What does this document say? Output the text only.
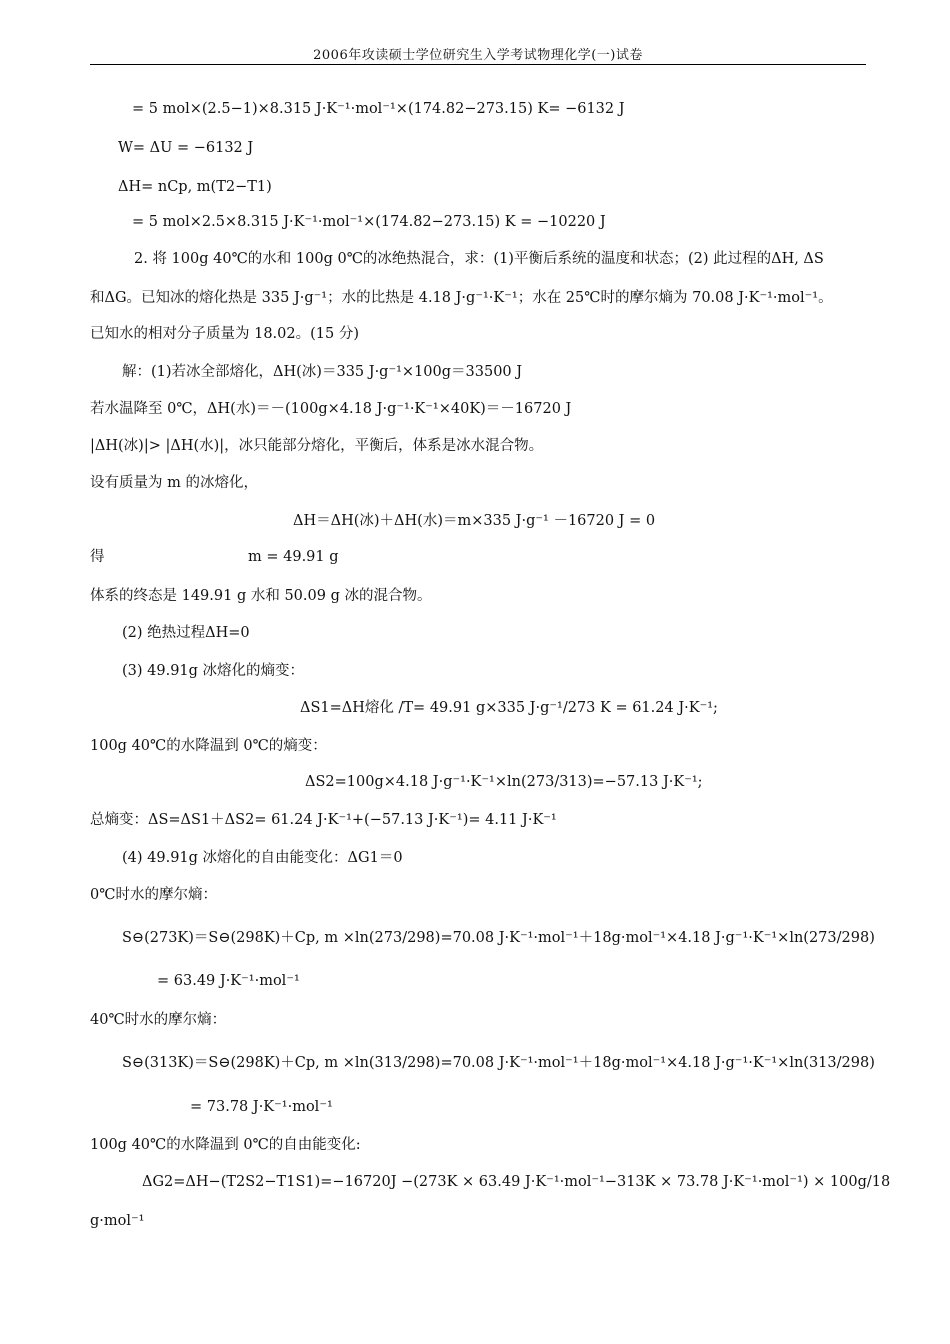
2006年攻读硕士学位研究生入学考试物理化学(一)试卷
= 5 mol×(2.5−1)×8.315 J·K⁻¹·mol⁻¹×(174.82−273.15) K= −6132 J
W= ΔU = −6132 J
ΔH= nCp, m(T2−T1)
= 5 mol×2.5×8.315 J·K⁻¹·mol⁻¹×(174.82−273.15) K = −10220 J
2. 将 100g 40℃的水和 100g 0℃的冰绝热混合，求：(1)平衡后系统的温度和状态；(2) 此过程的ΔH, ΔS
和ΔG。已知冰的熔化热是 335 J·g⁻¹；水的比热是 4.18 J·g⁻¹·K⁻¹；水在 25℃时的摩尔熵为 70.08 J·K⁻¹·mol⁻¹。
已知水的相对分子质量为 18.02。(15 分)
解：(1)若冰全部熔化，ΔH(冰)＝335 J·g⁻¹×100g＝33500 J
若水温降至 0℃，ΔH(水)＝－(100g×4.18 J·g⁻¹·K⁻¹×40K)＝－16720 J
|ΔH(冰)|> |ΔH(水)|，冰只能部分熔化，平衡后，体系是冰水混合物。
设有质量为 m 的冰熔化，
ΔH＝ΔH(冰)＋ΔH(水)＝m×335 J·g⁻¹ －16720 J = 0
得	m = 49.91 g
体系的终态是 149.91 g 水和 50.09 g 冰的混合物。
(2) 绝热过程ΔH=0
(3) 49.91g 冰熔化的熵变：
ΔS1=ΔH熔化 /T= 49.91 g×335 J·g⁻¹/273 K = 61.24 J·K⁻¹;
100g 40℃的水降温到 0℃的熵变：
ΔS2=100g×4.18 J·g⁻¹·K⁻¹×ln(273/313)=−57.13 J·K⁻¹;
总熵变：ΔS=ΔS1＋ΔS2= 61.24 J·K⁻¹+(−57.13 J·K⁻¹)= 4.11 J·K⁻¹
(4) 49.91g 冰熔化的自由能变化：ΔG1＝0
0℃时水的摩尔熵：
S⊖(273K)＝S⊖(298K)＋Cp, m ×ln(273/298)=70.08 J·K⁻¹·mol⁻¹＋18g·mol⁻¹×4.18 J·g⁻¹·K⁻¹×ln(273/298)
= 63.49 J·K⁻¹·mol⁻¹
40℃时水的摩尔熵：
S⊖(313K)＝S⊖(298K)＋Cp, m ×ln(313/298)=70.08 J·K⁻¹·mol⁻¹＋18g·mol⁻¹×4.18 J·g⁻¹·K⁻¹×ln(313/298)
= 73.78 J·K⁻¹·mol⁻¹
100g 40℃的水降温到 0℃的自由能变化:
ΔG2=ΔH−(T2S2−T1S1)=−16720J −(273K × 63.49 J·K⁻¹·mol⁻¹−313K × 73.78 J·K⁻¹·mol⁻¹) × 100g/18
g·mol⁻¹
